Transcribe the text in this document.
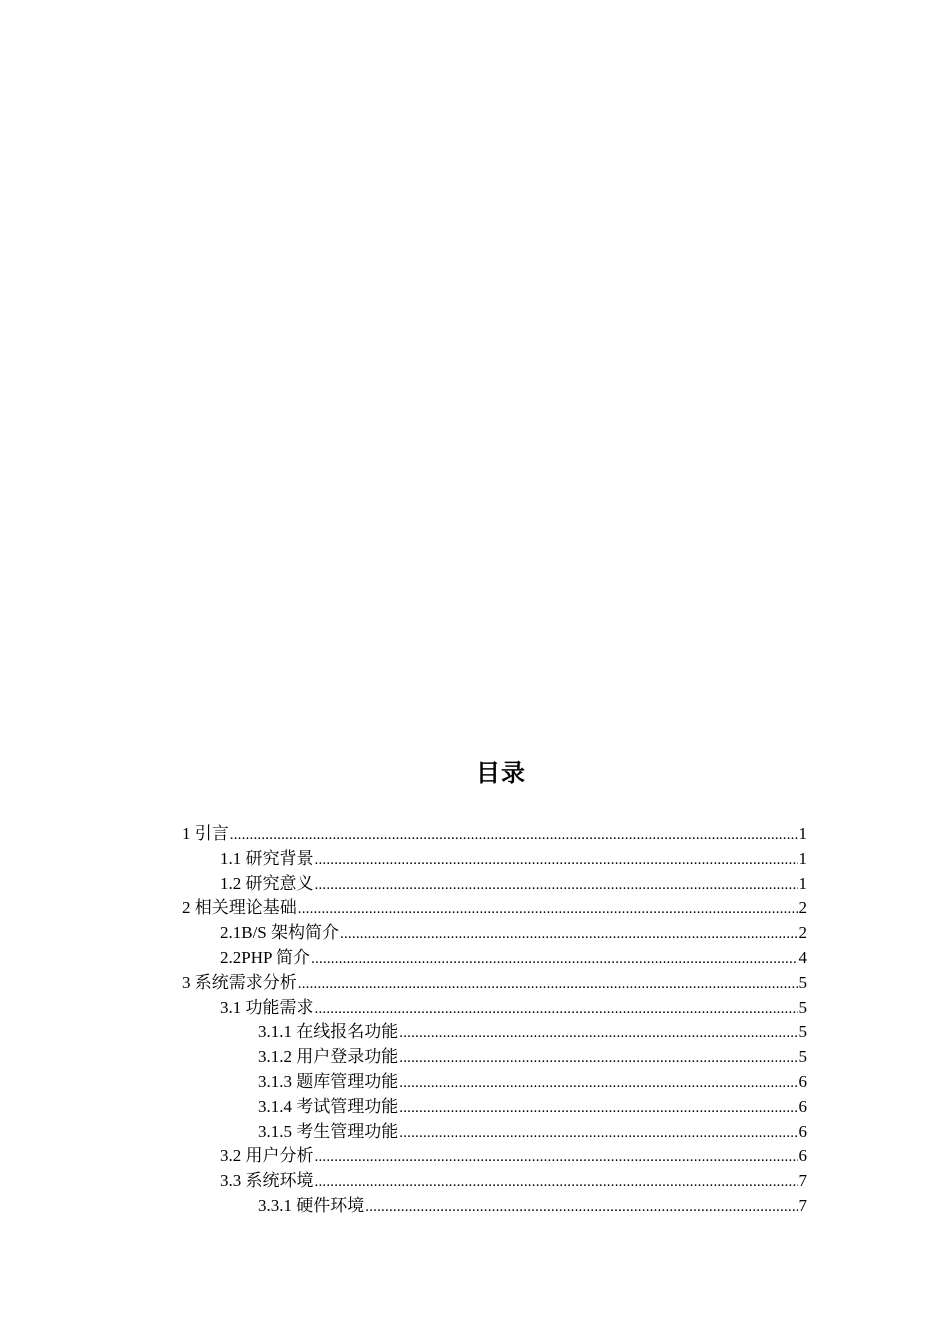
目录
1 引言 .....	1
1.1 研究背景 .....	1
1.2 研究意义 .....	1
2 相关理论基础 .....	2
2.1B/S 架构简介 .....	2
2.2PHP 简介 .....	4
3 系统需求分析 .....	5
3.1 功能需求 .....	5
3.1.1 在线报名功能 .....	5
3.1.2 用户登录功能 .....	5
3.1.3 题库管理功能 .....	6
3.1.4 考试管理功能 .....	6
3.1.5 考生管理功能 .....	6
3.2 用户分析 .....	6
3.3 系统环境 .....	7
3.3.1 硬件环境 .....	7
